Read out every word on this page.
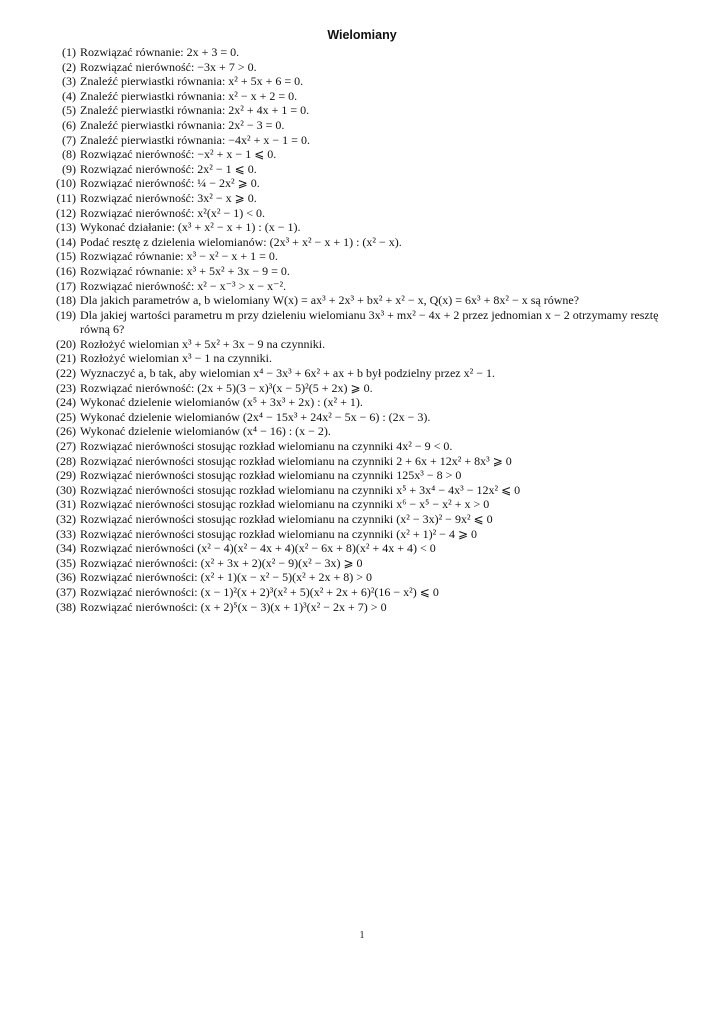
Wielomiany
(1) Rozwiązać równanie: 2x + 3 = 0.
(2) Rozwiązać nierówność: −3x + 7 > 0.
(3) Znaleźć pierwiastki równania: x² + 5x + 6 = 0.
(4) Znaleźć pierwiastki równania: x² − x + 2 = 0.
(5) Znaleźć pierwiastki równania: 2x² + 4x + 1 = 0.
(6) Znaleźć pierwiastki równania: 2x² − 3 = 0.
(7) Znaleźć pierwiastki równania: −4x² + x − 1 = 0.
(8) Rozwiązać nierówność: −x² + x − 1 ⩽ 0.
(9) Rozwiązać nierówność: 2x² − 1 ⩽ 0.
(10) Rozwiązać nierówność: ¼ − 2x² ⩾ 0.
(11) Rozwiązać nierówność: 3x² − x ⩾ 0.
(12) Rozwiązać nierówność: x²(x² − 1) < 0.
(13) Wykonać działanie: (x³ + x² − x + 1) : (x − 1).
(14) Podać resztę z dzielenia wielomianów: (2x³ + x² − x + 1) : (x² − x).
(15) Rozwiązać równanie: x³ − x² − x + 1 = 0.
(16) Rozwiązać równanie: x³ + 5x² + 3x − 9 = 0.
(17) Rozwiązać nierówność: x² − x⁻³ > x − x⁻².
(18) Dla jakich parametrów a, b wielomiany W(x) = ax³ + 2x³ + bx² + x² − x, Q(x) = 6x³ + 8x² − x są równe?
(19) Dla jakiej wartości parametru m przy dzieleniu wielomianu 3x³ + mx² − 4x + 2 przez jednomian x − 2 otrzymamy resztę równą 6?
(20) Rozłożyć wielomian x³ + 5x² + 3x − 9 na czynniki.
(21) Rozłożyć wielomian x³ − 1 na czynniki.
(22) Wyznaczyć a, b tak, aby wielomian x⁴ − 3x³ + 6x² + ax + b był podzielny przez x² − 1.
(23) Rozwiązać nierówność: (2x + 5)(3 − x)³(x − 5)²(5 + 2x) ⩾ 0.
(24) Wykonać dzielenie wielomianów (x⁵ + 3x³ + 2x) : (x² + 1).
(25) Wykonać dzielenie wielomianów (2x⁴ − 15x³ + 24x² − 5x − 6) : (2x − 3).
(26) Wykonać dzielenie wielomianów (x⁴ − 16) : (x − 2).
(27) Rozwiązać nierówności stosując rozkład wielomianu na czynniki 4x² − 9 < 0.
(28) Rozwiązać nierówności stosując rozkład wielomianu na czynniki 2 + 6x + 12x² + 8x³ ⩾ 0
(29) Rozwiązać nierówności stosując rozkład wielomianu na czynniki 125x³ − 8 > 0
(30) Rozwiązać nierówności stosując rozkład wielomianu na czynniki x⁵ + 3x⁴ − 4x³ − 12x² ⩽ 0
(31) Rozwiązać nierówności stosując rozkład wielomianu na czynniki x⁶ − x⁵ − x² + x > 0
(32) Rozwiązać nierówności stosując rozkład wielomianu na czynniki (x² − 3x)² − 9x² ⩽ 0
(33) Rozwiązać nierówności stosując rozkład wielomianu na czynniki (x² + 1)² − 4 ⩾ 0
(34) Rozwiązać nierówności (x² − 4)(x² − 4x + 4)(x² − 6x + 8)(x² + 4x + 4) < 0
(35) Rozwiązać nierówności: (x² + 3x + 2)(x² − 9)(x² − 3x) ⩾ 0
(36) Rozwiązać nierówności: (x² + 1)(x − x² − 5)(x² + 2x + 8) > 0
(37) Rozwiązać nierówności: (x − 1)²(x + 2)³(x² + 5)(x² + 2x + 6)²(16 − x²) ⩽ 0
(38) Rozwiązać nierówności: (x + 2)⁵(x − 3)(x + 1)³(x² − 2x + 7) > 0
1
